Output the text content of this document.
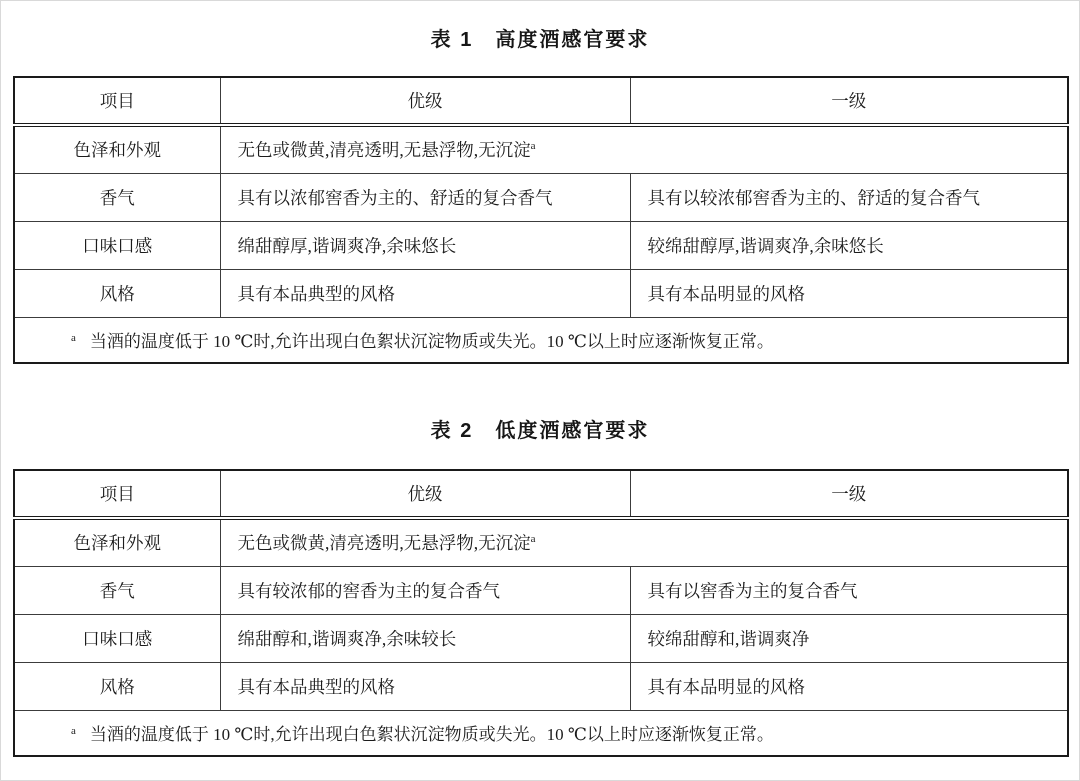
表 1 高度酒感官要求
项目	优级	一级
色泽和外观	无色或微黄,清亮透明,无悬浮物,无沉淀$^a$
香气	具有以浓郁窖香为主的、舒适的复合香气	具有以较浓郁窖香为主的、舒适的复合香气
口味口感	绵甜醇厚,谐调爽净,余味悠长	较绵甜醇厚,谐调爽净,余味悠长
风格	具有本品典型的风格	具有本品明显的风格
$^a$ 当酒的温度低于 10 ℃时,允许出现白色絮状沉淀物质或失光。10 ℃以上时应逐渐恢复正常。		
表 2 低度酒感官要求
项目	优级	一级
色泽和外观	无色或微黄,清亮透明,无悬浮物,无沉淀$^a$
香气	具有较浓郁的窖香为主的复合香气	具有以窖香为主的复合香气
口味口感	绵甜醇和,谐调爽净,余味较长	较绵甜醇和,谐调爽净
风格	具有本品典型的风格	具有本品明显的风格
$^a$ 当酒的温度低于 10 ℃时,允许出现白色絮状沉淀物质或失光。10 ℃以上时应逐渐恢复正常。		
